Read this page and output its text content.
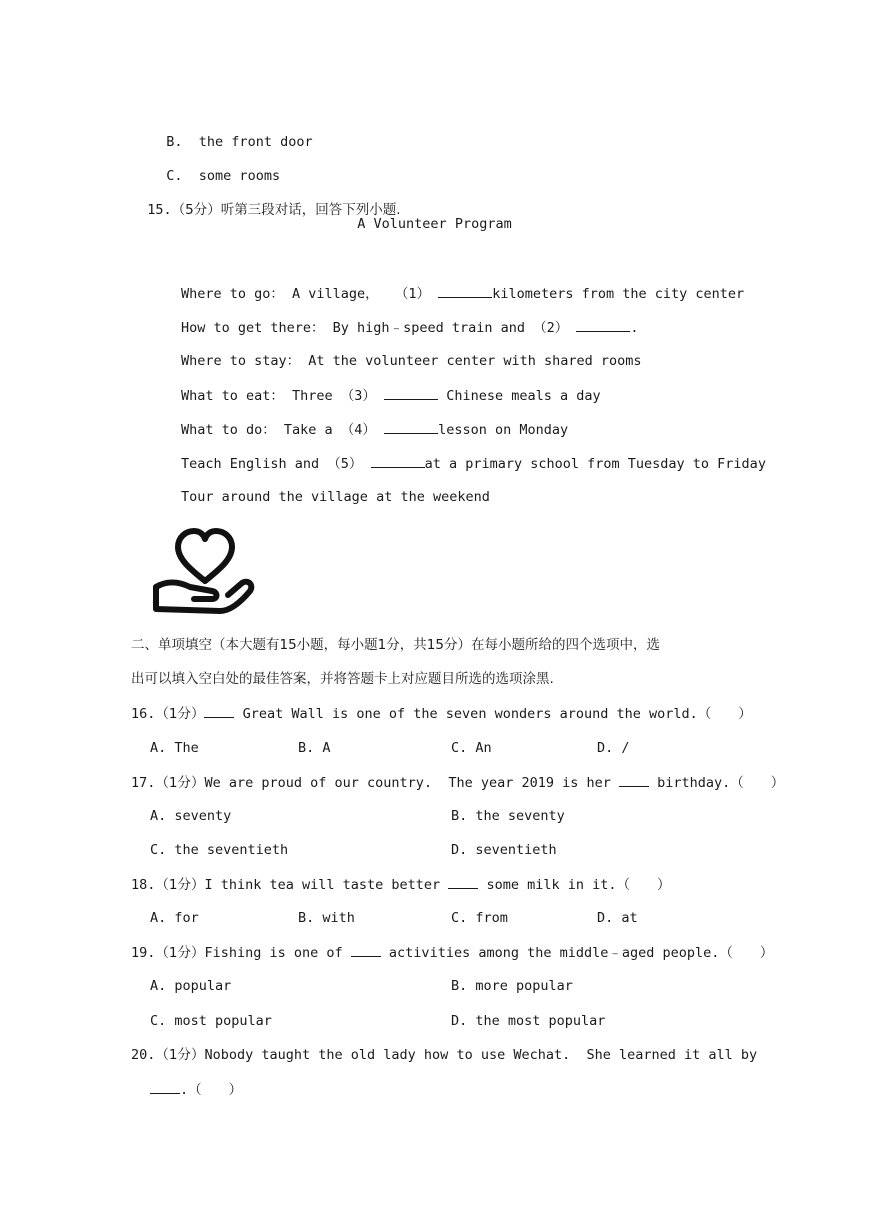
B. the front door

C. some rooms

15.（5分）听第三段对话，回答下列小题.

A Volunteer Program
Where to go： A village，  （1）	kilometers from the city center
How to get there： By high﹣speed train and （2）	.
Where to stay： At the volunteer center with shared rooms
What to eat： Three （3）	Chinese meals a day
What to do： Take a （4）	lesson on Monday
Teach English and （5）	at a primary school from Tuesday to Friday
Tour around the village at the weekend
二、单项填空（本大题有15小题，每小题1分，共15分）在每小题所给的四个选项中，选
出可以填入空白处的最佳答案，并将答题卡上对应题目所选的选项涂黑.
16.（1分） Great Wall is one of the seven wonders around the world.（　　）
A. The	B. A	C. An	D. /
17.（1分）We are proud of our country.  The year 2019 is her  birthday.（　　）
A. seventy	B. the seventy
C. the seventieth	D. seventieth
18.（1分）I think tea will taste better  some milk in it.（　　）
A. for	B. with	C. from	D. at
19.（1分）Fishing is one of  activities among the middle﹣aged people.（　　）
A. popular	B. more popular
C. most popular	D. the most popular
20.（1分）Nobody taught the old lady how to use Wechat.  She learned it all by
.（　　）
